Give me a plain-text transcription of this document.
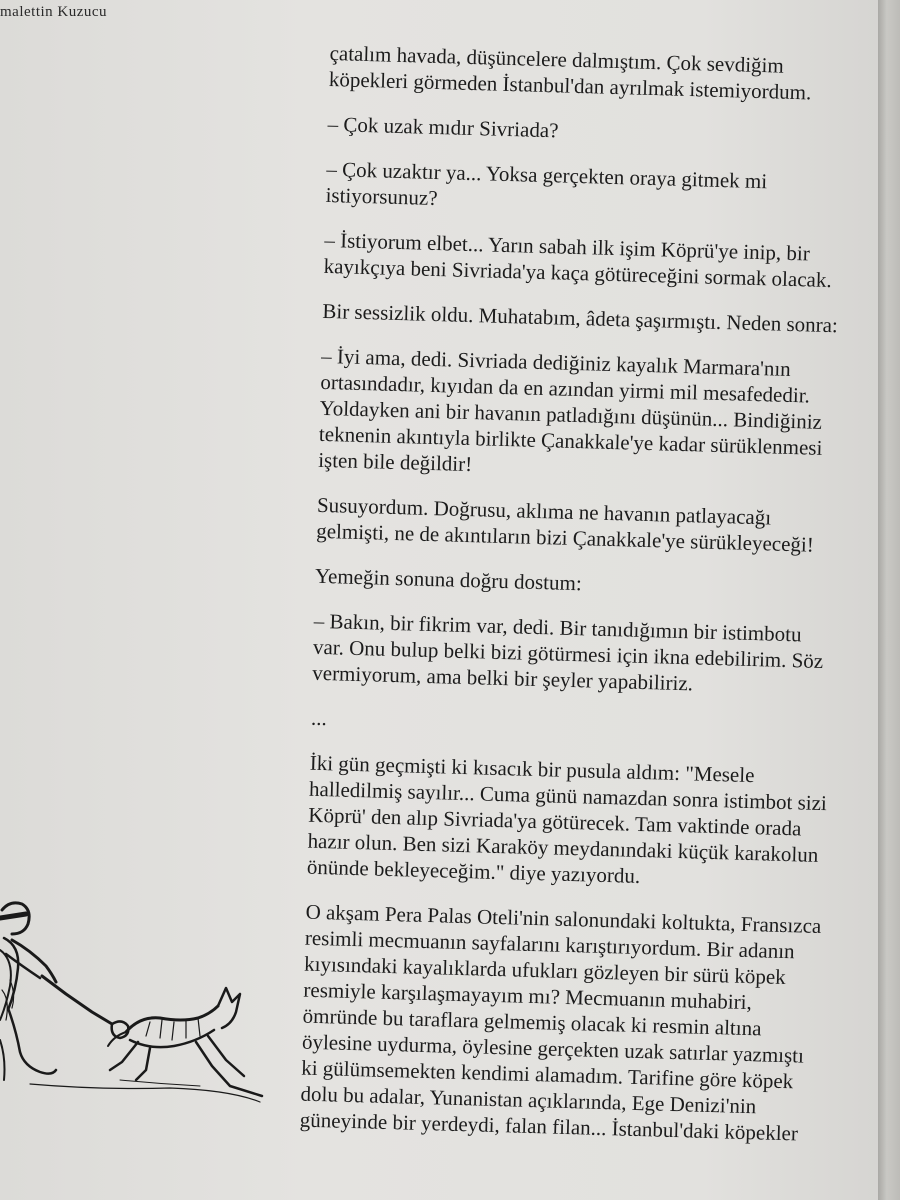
malettin Kuzucu

çatalım havada, düşüncelere dalmıştım. Çok sevdiğim köpekleri görmeden İstanbul'dan ayrılmak istemiyordum.

– Çok uzak mıdır Sivriada?

– Çok uzaktır ya... Yoksa gerçekten oraya gitmek mi istiyorsunuz?

– İstiyorum elbet... Yarın sabah ilk işim Köprü'ye inip, bir kayıkçıya beni Sivriada'ya kaça götüreceğini sormak olacak.

Bir sessizlik oldu. Muhatabım, âdeta şaşırmıştı. Neden sonra:

– İyi ama, dedi. Sivriada dediğiniz kayalık Marmara'nın ortasındadır, kıyıdan da en azından yirmi mil mesafededir. Yoldayken ani bir havanın patladığını düşünün... Bindiğiniz teknenin akıntıyla birlikte Çanakkale'ye kadar sürüklenmesi işten bile değildir!

Susuyordum. Doğrusu, aklıma ne havanın patlayacağı gelmişti, ne de akıntıların bizi Çanakkale'ye sürükleyeceği!

Yemeğin sonuna doğru dostum:

– Bakın, bir fikrim var, dedi. Bir tanıdığımın bir istimbotu var. Onu bulup belki bizi götürmesi için ikna edebilirim. Söz vermiyorum, ama belki bir şeyler yapabiliriz.

...

İki gün geçmişti ki kısacık bir pusula aldım: "Mesele halledilmiş sayılır... Cuma günü namazdan sonra istimbot sizi Köprü' den alıp Sivriada'ya götürecek. Tam vaktinde orada hazır olun. Ben sizi Karaköy meydanındaki küçük karakolun önünde bekleyeceğim." diye yazıyordu.

O akşam Pera Palas Oteli'nin salonundaki koltukta, Fransızca resimli mecmuanın sayfalarını karıştırıyordum. Bir adanın kıyısındaki kayalıklarda ufukları gözleyen bir sürü köpek resmiyle karşılaşmayayım mı? Mecmuanın muhabiri, ömründe bu taraflara gelmemiş olacak ki resmin altına öylesine uydurma, öylesine gerçekten uzak satırlar yazmıştı ki gülümsemekten kendimi alamadım. Tarifine göre köpek dolu bu adalar, Yunanistan açıklarında, Ege Denizi'nin güneyinde bir yerdeydi, falan filan... İstanbul'daki köpekler
